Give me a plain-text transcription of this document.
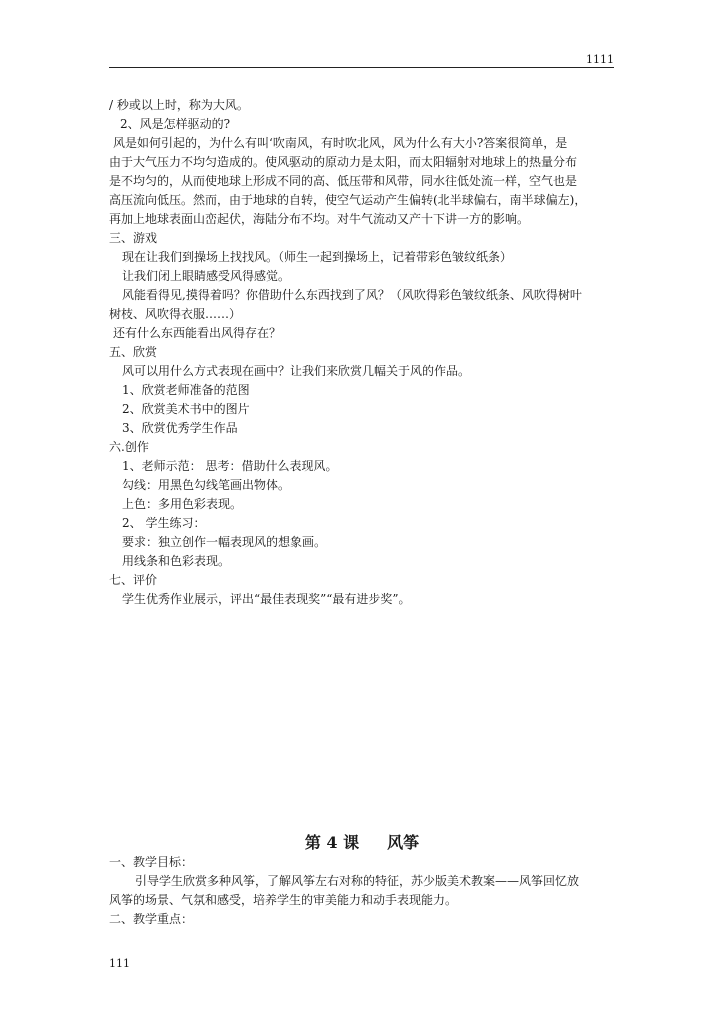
1111

/ 秒或以上时，称为大风。

2、风是怎样驱动的?

风是如何引起的，为什么有叫‘吹南风，有时吹北风，风为什么有大小?答案很简单，是

由于大气压力不均匀造成的。使风驱动的原动力是太阳，而太阳辐射对地球上的热量分布

是不均匀的，从而使地球上形成不同的高、低压带和风带，同水往低处流一样，空气也是

高压流向低压。然而，由于地球的自转，使空气运动产生偏转(北半球偏右，南半球偏左)，

再加上地球表面山峦起伏，海陆分布不均。对牛气流动又产十下讲一方的影响。

三、游戏

现在让我们到操场上找找风。（师生一起到操场上，记着带彩色皱纹纸条）

让我们闭上眼睛感受风得感觉。

风能看得见,摸得着吗？你借助什么东西找到了风？（风吹得彩色皱纹纸条、风吹得树叶

树枝、风吹得衣服……）

还有什么东西能看出风得存在？

五、欣赏

风可以用什么方式表现在画中？让我们来欣赏几幅关于风的作品。

1、欣赏老师准备的范图

2、欣赏美术书中的图片

3、欣赏优秀学生作品

六.创作

1、老师示范： 思考：借助什么表现风。

勾线：用黑色勾线笔画出物体。

上色：多用色彩表现。

2、 学生练习：

要求：独立创作一幅表现风的想象画。

用线条和色彩表现。

七、评价

学生优秀作业展示，评出“最佳表现奖”“最有进步奖”。

第 4 课 风筝

一、教学目标：

引导学生欣赏多种风筝，了解风筝左右对称的特征，苏少版美术教案——风筝回忆放

风筝的场景、气氛和感受，培养学生的审美能力和动手表现能力。

二、教学重点：

111
